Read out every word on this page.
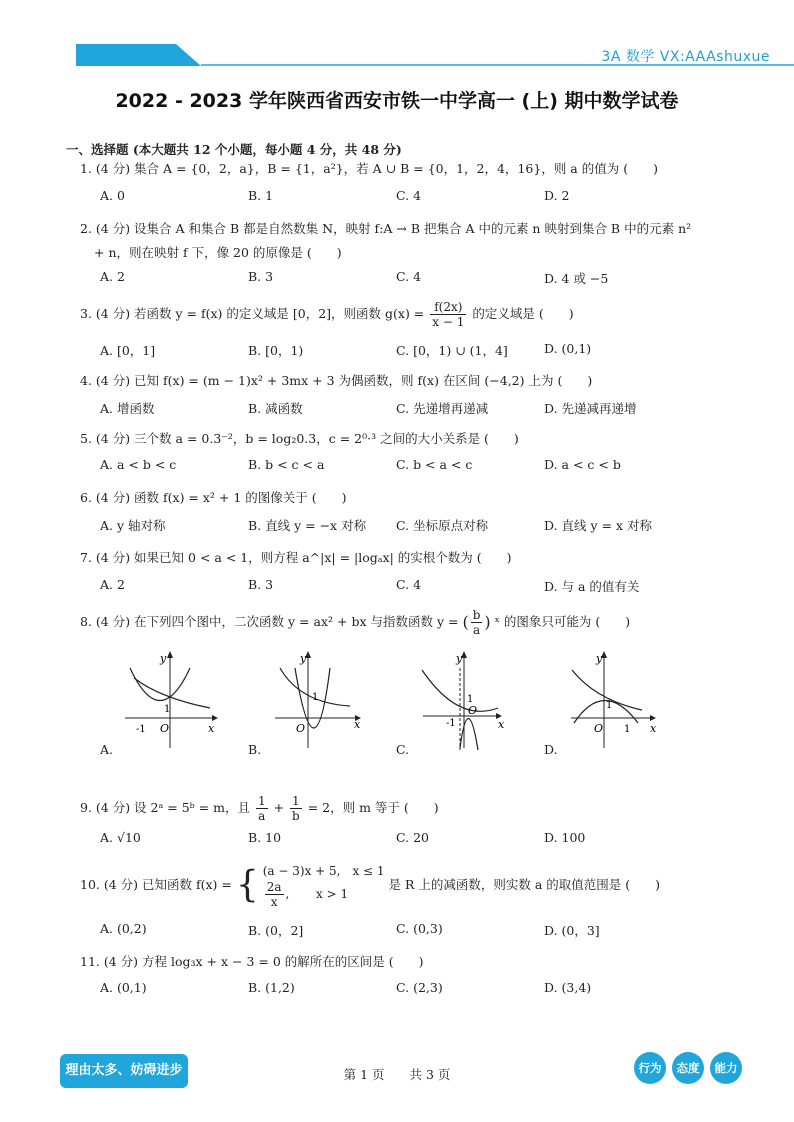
3A 数学 VX:AAAshuxue
2022 - 2023 学年陕西省西安市铁一中学高一 (上) 期中数学试卷
一、选择题 (本大题共 12 个小题，每小题 4 分，共 48 分)
1. (4 分) 集合 A = {0，2，a}，B = {1，a²}，若 A ∪ B = {0，1，2，4，16}，则 a 的值为 (　　)
A. 0	B. 1	C. 4	D. 2
2. (4 分) 设集合 A 和集合 B 都是自然数集 N，映射 f:A → B 把集合 A 中的元素 n 映射到集合 B 中的元素 n²
+ n，则在映射 f 下，像 20 的原像是 (　　)
A. 2	B. 3	C. 4	D. 4 或 −5
3. (4 分) 若函数 y = f(x) 的定义域是 [0，2]，则函数 $g(x) = \frac{f(2x)}{x - 1}$ 的定义域是 (　　)
A. [0，1]	B. [0，1)	C. [0，1) ∪ (1，4]	D. (0,1)
4. (4 分) 已知 f(x) = (m − 1)x² + 3mx + 3 为偶函数，则 f(x) 在区间 (−4,2) 上为 (　　)
A. 增函数	B. 减函数	C. 先递增再递减	D. 先递减再递增
5. (4 分) 三个数 a = 0.3⁻²，b = log₂0.3，c = 2⁰·³ 之间的大小关系是 (　　)
A. a < b < c	B. b < c < a	C. b < a < c	D. a < c < b
6. (4 分) 函数 f(x) = x² + 1 的图像关于 (　　)
A. y 轴对称	B. 直线 y = −x 对称 C. 坐标原点对称	D. 直线 y = x 对称
7. (4 分) 如果已知 0 < a < 1，则方程 a^|x| = |logₐx| 的实根个数为 (　　)
A. 2	B. 3	C. 4	D. 与 a 的值有关
8. (4 分) 在下列四个图中，二次函数 y = ax² + bx 与指数函数 y = ( $\frac{b}{a}$ ) ˣ 的图象只可能为 (　　)
y
x
O
1
-1
A.
y
x
O
1
B.
y
x
O
1
-1
C.
y
x
O
1
1
D.
9. (4 分) 设 2ᵃ = 5ᵇ = m，且 $\frac{1}{a} + \frac{1}{b} = 2$，则 m 等于 (　　)
A. √10	B. 10	C. 20	D. 100
10. (4 分) 已知函数 f(x) = { (a − 3)x + 5,　x ≤ 1
$\frac{2a}{x}$ ,       x > 1
是 R 上的减函数，则实数 a 的取值范围是 (　　)
A. (0,2)	B. (0，2]	C. (0,3)	D. (0，3]
11. (4 分) 方程 log₃x + x − 3 = 0 的解所在的区间是 (　　)
A. (0,1)	B. (1,2)	C. (2,3)	D. (3,4)
理由太多、妨碍进步	第 1 页　　共 3 页	行为	态度	能力
